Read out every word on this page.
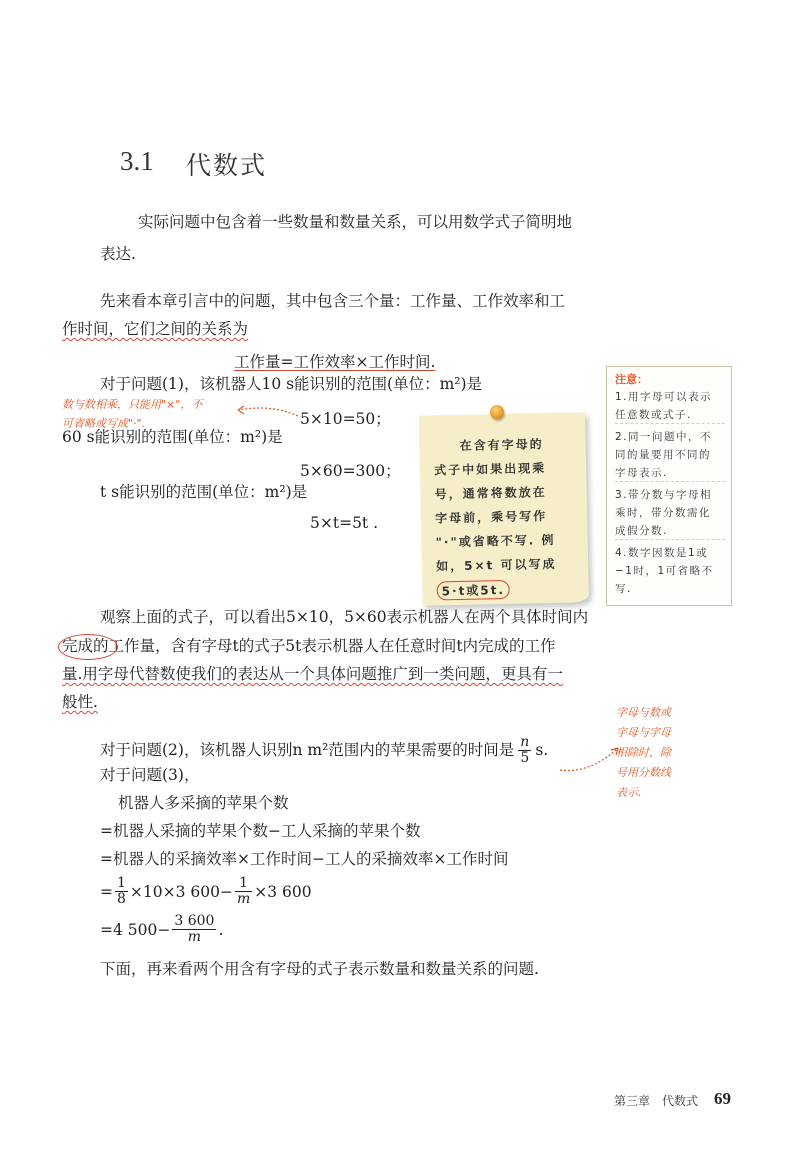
3.1 代数式
实际问题中包含着一些数量和数量关系，可以用数学式子简明地
表达.
先来看本章引言中的问题，其中包含三个量：工作量、工作效率和工
作时间，它们之间的关系为
工作量=工作效率×工作时间.
对于问题(1)，该机器人10 s能识别的范围(单位：m²)是
数与数相乘，只能用"×"，不
可省略或写成"·".	5×10=50；
60 s能识别的范围(单位：m²)是
5×60=300；
t s能识别的范围(单位：m²)是
5×t=5t .
在含有字母的
式子中如果出现乘
号，通常将数放在
字母前，乘号写作
"·"或省略不写. 例
如，5×t 可以写成
5·t或5t.
注意：
1.用字母可以表示
任意数或式子.
2.同一问题中，不
同的量要用不同的
字母表示.
3.带分数与字母相
乘时，带分数需化
成假分数.
4.数字因数是1或
−1时，1可省略不
写.
观察上面的式子，可以看出5×10，5×60表示机器人在两个具体时间内
完成的工作量，含有字母t的式子5t表示机器人在任意时间t内完成的工作
量.用字母代替数使我们的表达从一个具体问题推广到一类问题，更具有一
般性.
对于问题(2)，该机器人识别n m²范围内的苹果需要的时间是 $\frac{n}{5} s$.
字母与数或
字母与字母
相除时，除
号用分数线
表示.
对于问题(3)，
机器人多采摘的苹果个数
=机器人采摘的苹果个数−工人采摘的苹果个数
=机器人的采摘效率×工作时间−工人的采摘效率×工作时间
= $\frac{1}{8} \times 10\times 3$ $600- \frac{1}{m} \times 3$ 600
=4 $500- \frac{3 600}{m}$ .
下面，再来看两个用含有字母的式子表示数量和数量关系的问题.
第三章　代数式 69
